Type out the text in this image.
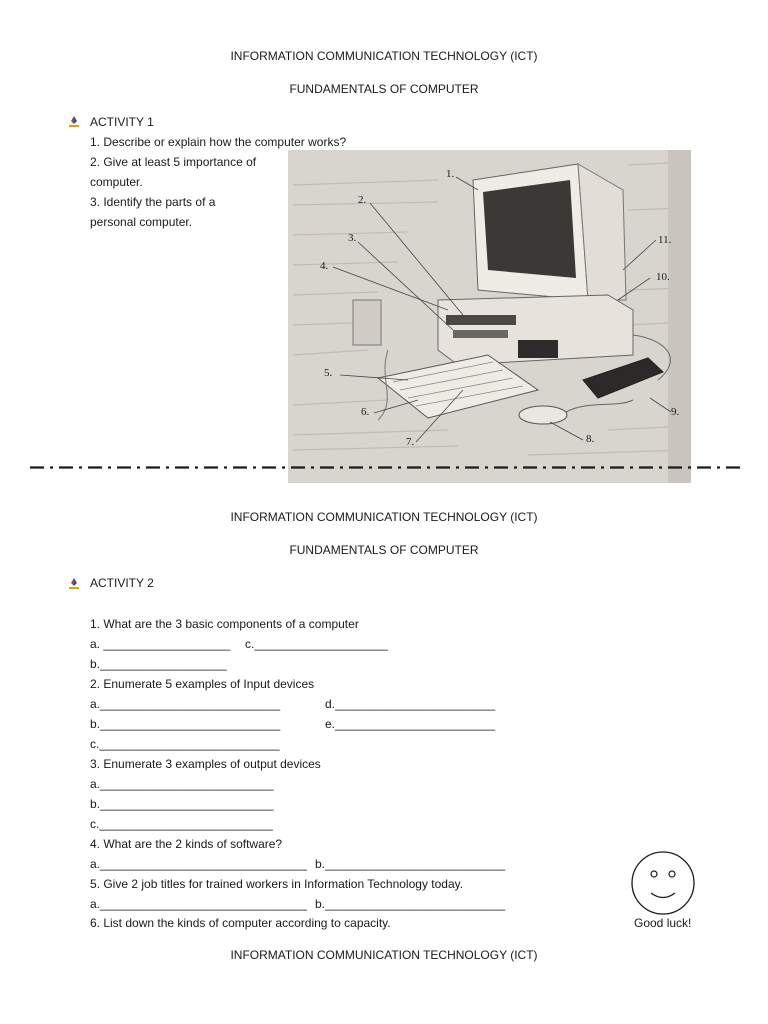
INFORMATION COMMUNICATION TECHNOLOGY (ICT)
FUNDAMENTALS OF COMPUTER
ACTIVITY 1
1. Describe or explain how the computer works?
2. Give at least 5 importance of
computer.
3. Identify the parts of a
personal computer.
1.
2.
3.
4.
5.
6.
7.	8.
9.
10.
11.
INFORMATION COMMUNICATION TECHNOLOGY (ICT)
FUNDAMENTALS OF COMPUTER
ACTIVITY 2
1. What are the 3 basic components of a computer
a. ___________________ c.____________________
b.___________________
2. Enumerate 5 examples of Input devices
a.___________________________	d.________________________
b.___________________________	e.________________________
c.___________________________
3. Enumerate 3 examples of output devices
a.__________________________
b.__________________________
c.__________________________
4. What are the 2 kinds of software?
a._______________________________ b.___________________________
5. Give 2 job titles for trained workers in Information Technology today.
a._______________________________ b.___________________________
6. List down the kinds of computer according to capacity.	Good luck!
INFORMATION COMMUNICATION TECHNOLOGY (ICT)
